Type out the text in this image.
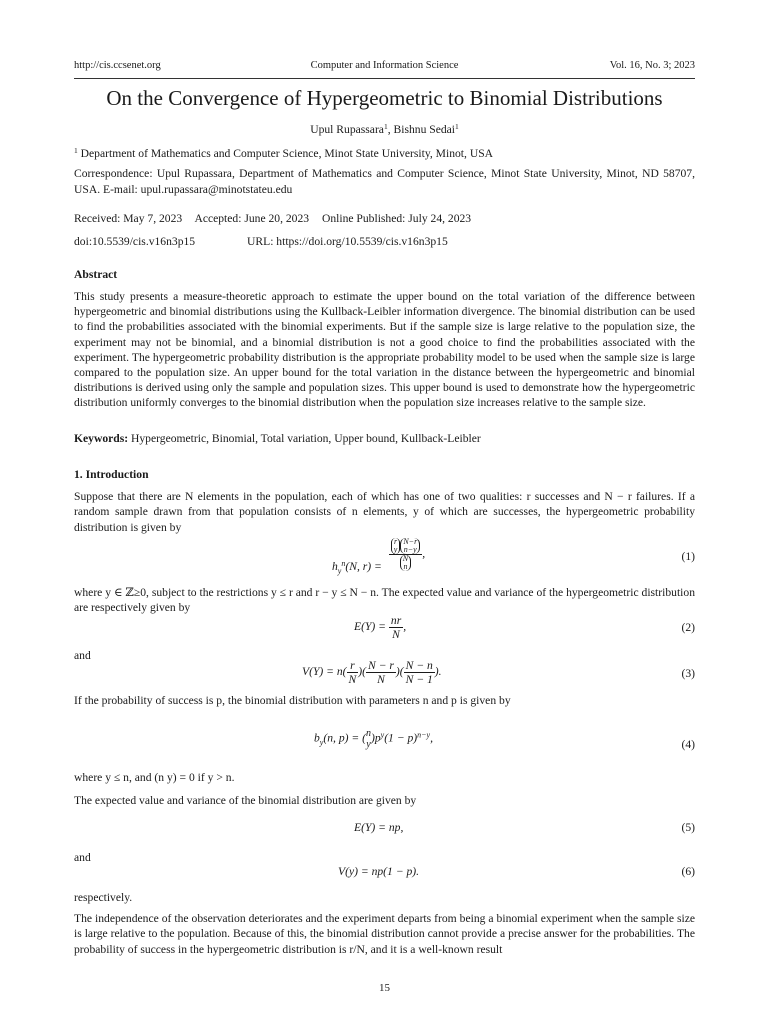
http://cis.ccsenet.org	Computer and Information Science	Vol. 16, No. 3; 2023
On the Convergence of Hypergeometric to Binomial Distributions
Upul Rupassara$^1$, Bishnu Sedai$^1$
$^1$ Department of Mathematics and Computer Science, Minot State University, Minot, USA
Correspondence: Upul Rupassara, Department of Mathematics and Computer Science, Minot State University, Minot, ND 58707, USA. E-mail: upul.rupassara@minotstateu.edu
Received: May 7, 2023 Accepted: June 20, 2023 Online Published: July 24, 2023
doi:10.5539/cis.v16n3p15	URL: https://doi.org/10.5539/cis.v16n3p15
Abstract
This study presents a measure-theoretic approach to estimate the upper bound on the total variation of the difference between hypergeometric and binomial distributions using the Kullback-Leibler information divergence. The binomial distribution can be used to find the probabilities associated with the binomial experiments. But if the sample size is large relative to the population size, the experiment may not be binomial, and a binomial distribution is not a good choice to find the probabilities associated with the experiment. The hypergeometric probability distribution is the appropriate probability model to be used when the sample size is large compared to the population size. An upper bound for the total variation in the distance between the hypergeometric and binomial distributions is derived using only the sample and population sizes. This upper bound is used to demonstrate how the hypergeometric distribution uniformly converges to the binomial distribution when the population size increases relative to the sample size.
Keywords: Hypergeometric, Binomial, Total variation, Upper bound, Kullback-Leibler
1. Introduction
Suppose that there are N elements in the population, each of which has one of two qualities: r successes and N − r failures. If a random sample drawn from that population consists of n elements, y of which are successes, the hypergeometric probability distribution is given by
$h_y^n(N$, r) =
r
yN−r
n−y
N
n
,	(1)
where y ∈ ℤ≥0, subject to the restrictions y ≤ r and r − y ≤ N − n. The expected value and variance of the hypergeometric distribution are respectively given by
$E(Y) = \frac{nr}{N}$ ,	(2)
and
$V(Y) = n( \frac{r}{N}$ )( $\frac{N - r}{N}$ )( $\frac{N - n}{N - 1}$ ).	(3)
If the probability of success is p, the binomial distribution with parameters n and p is given by
$b_y(n$, p) = ( n
y )$p^y(1 - p)^{n-y}$,	(4)
where y ≤ n, and (n y) = 0 if y > n.
The expected value and variance of the binomial distribution are given by
E(Y) = np,	(5)
and
V(y) = np(1 − p).	(6)
respectively.
The independence of the observation deteriorates and the experiment departs from being a binomial experiment when the sample size is large relative to the population. Because of this, the binomial distribution cannot provide a precise answer for the probabilities. The probability of success in the hypergeometric distribution is r/N, and it is a well-known result
15
